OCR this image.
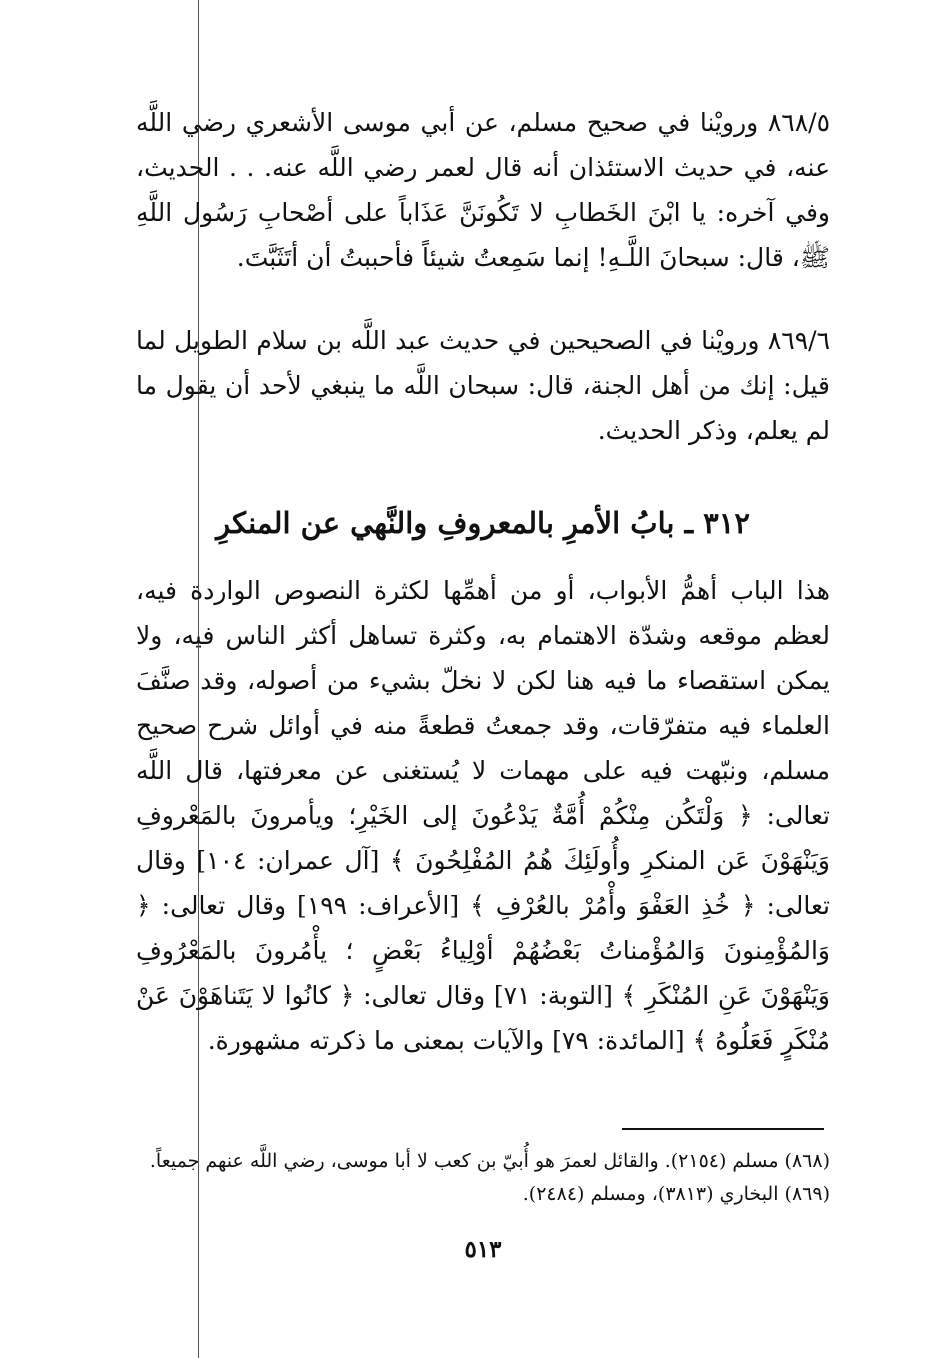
٨٦٨/٥ ورويْنا في صحيح مسلم، عن أبي موسى الأشعري رضي اللَّه عنه، في حديث الاستئذان أنه قال لعمر رضي اللَّه عنه. . . الحديث، وفي آخره: يا ابْنَ الخَطابِ لا تَكُونَنَّ عَذَاباً على أصْحابِ رَسُول اللَّهِ ﷺ، قال: سبحانَ اللَّـهِ! إنما سَمِعتُ شيئاً فأحببتُ أن أتَثَبَّتَ.

٨٦٩/٦ ورويْنا في الصحيحين في حديث عبد اللَّه بن سلام الطويل لما قيل: إنك من أهل الجنة، قال: سبحان اللَّه ما ينبغي لأحد أن يقول ما لم يعلم، وذكر الحديث.

٣١٢ ـ بابُ الأمرِ بالمعروفِ والنَّهي عن المنكرِ

هذا الباب أهمُّ الأبواب، أو من أهمِّها لكثرة النصوص الواردة فيه، لعظم موقعه وشدّة الاهتمام به، وكثرة تساهل أكثر الناس فيه، ولا يمكن استقصاء ما فيه هنا لكن لا نخلّ بشيء من أصوله، وقد صنَّفَ العلماء فيه متفرّقات، وقد جمعتُ قطعةً منه في أوائل شرح صحيح مسلم، ونبّهت فيه على مهمات لا يُستغنى عن معرفتها، قال اللَّه تعالى: ﴿ وَلْتَكُن مِنْكُمْ أُمَّةٌ يَدْعُونَ إلى الخَيْرِ؛ ويأمرونَ بالمَعْروفِ وَيَنْهَوْنَ عَن المنكرِ وأُولَئِكَ هُمُ المُفْلِحُونَ ﴾ [آل عمران: ١٠٤] وقال تعالى: ﴿ خُذِ العَفْوَ وأْمُرْ بالعُرْفِ ﴾ [الأعراف: ١٩٩] وقال تعالى: ﴿ وَالمُؤْمِنونَ وَالمُؤْمناتُ بَعْضُهُمْ أوْلِياءُ بَعْضٍ ؛ يأْمُرونَ بالمَعْرُوفِ وَيَنْهَوْنَ عَنِ المُنْكَرِ ﴾ [التوبة: ٧١] وقال تعالى: ﴿ كانُوا لا يَتَناهَوْنَ عَنْ مُنْكَرٍ فَعَلُوهُ ﴾ [المائدة: ٧٩] والآيات بمعنى ما ذكرته مشهورة.

(٨٦٨) مسلم (٢١٥٤). والقائل لعمرَ هو أُبيّ بن كعب لا أبا موسى، رضي اللَّه عنهم جميعاً.
(٨٦٩) البخاري (٣٨١٣)، ومسلم (٢٤٨٤).
٥١٣
